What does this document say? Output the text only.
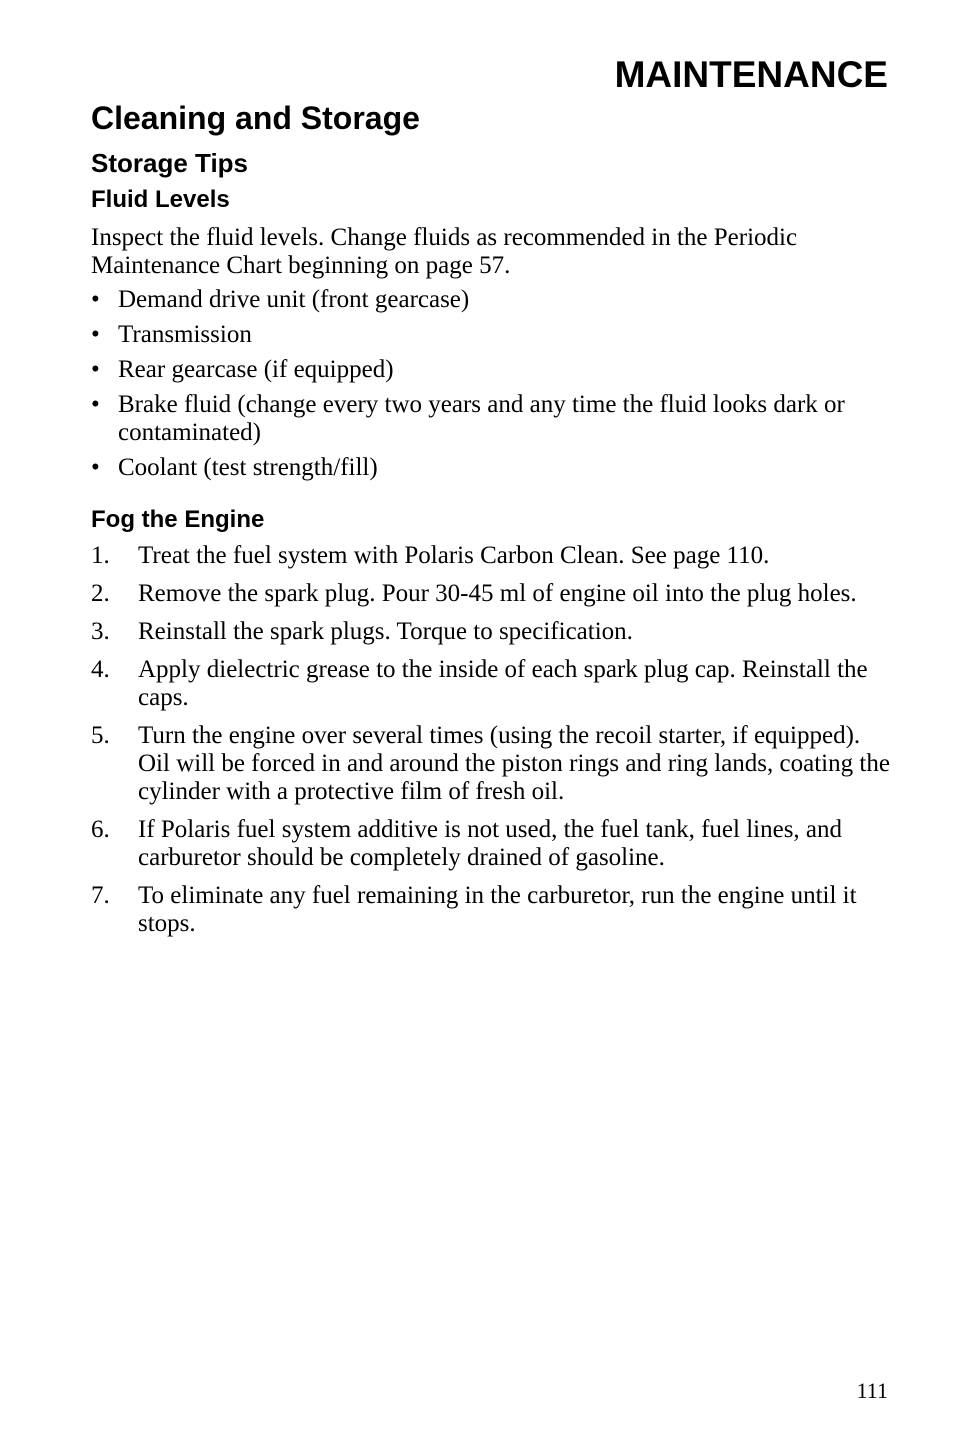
MAINTENANCE
Cleaning and Storage
Storage Tips
Fluid Levels

Inspect the fluid levels. Change fluids as recommended in the Periodic Maintenance Chart beginning on page 57.

• Demand drive unit (front gearcase)
• Transmission
• Rear gearcase (if equipped)
• Brake fluid (change every two years and any time the fluid looks dark or contaminated)
• Coolant (test strength/fill)
Fog the Engine
1. Treat the fuel system with Polaris Carbon Clean. See page 110.
2. Remove the spark plug. Pour 30-45 ml of engine oil into the plug holes.
3. Reinstall the spark plugs. Torque to specification.
4. Apply dielectric grease to the inside of each spark plug cap. Reinstall the caps.
5. Turn the engine over several times (using the recoil starter, if equipped). Oil will be forced in and around the piston rings and ring lands, coating the cylinder with a protective film of fresh oil.
6. If Polaris fuel system additive is not used, the fuel tank, fuel lines, and carburetor should be completely drained of gasoline.
7. To eliminate any fuel remaining in the carburetor, run the engine until it stops.
111
